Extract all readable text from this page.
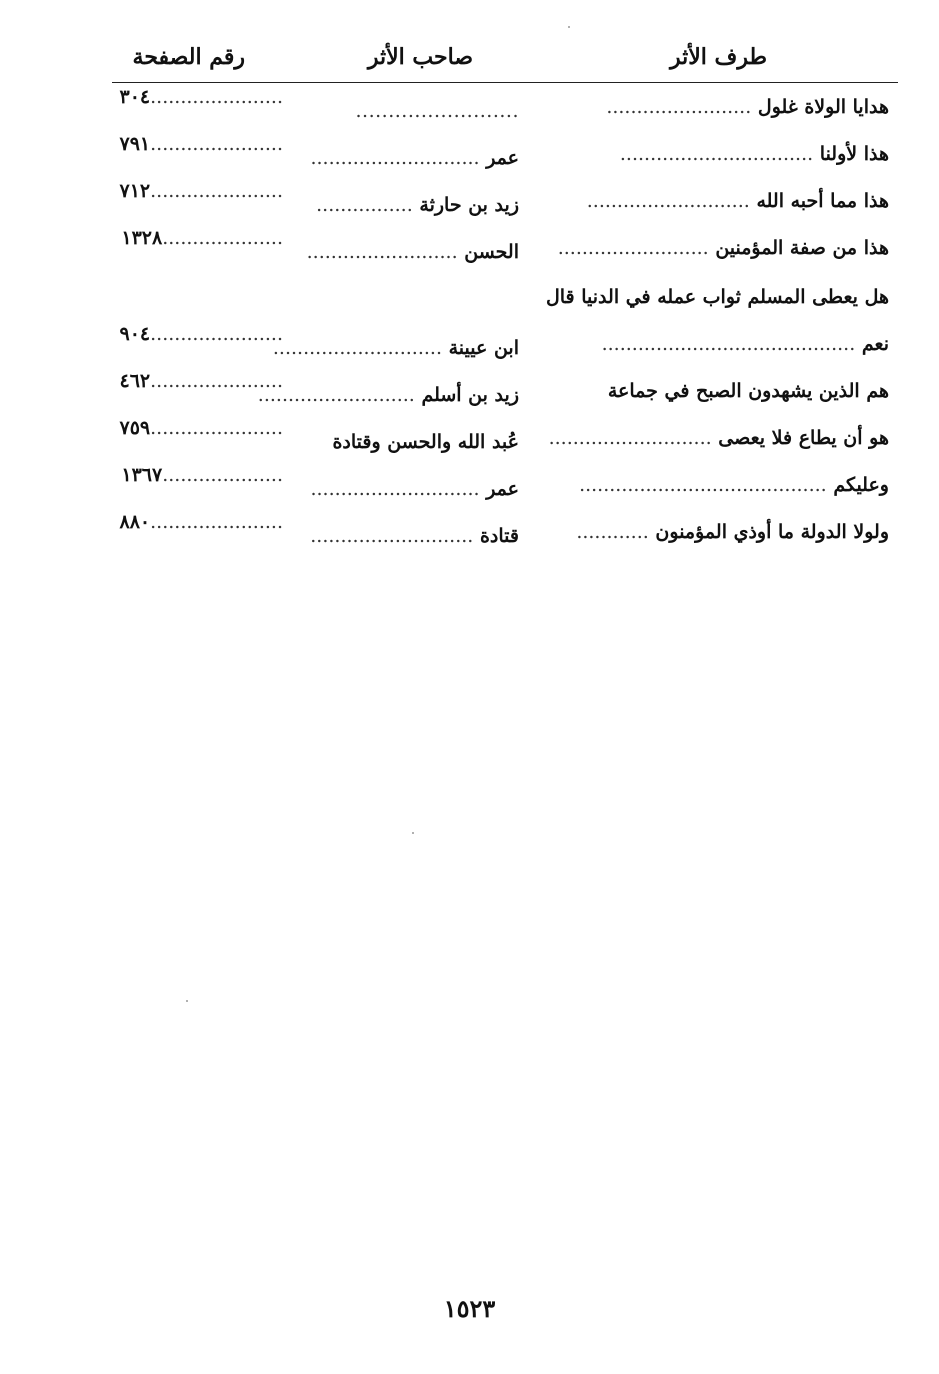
طرف الأثر
صاحب الأثر
رقم الصفحة
هدايا الولاة غلول ........................
.........................
......................٣٠٤
هذا لأولنا ................................
عمر ............................
......................٧٩١
هذا مما أحبه الله ...........................
زيد بن حارثة ................
......................٧١٢
هذا من صفة المؤمنين .........................
الحسن .........................
....................١٣٢٨
هل يعطى المسلم ثواب عمله في الدنيا قال
نعم ..........................................
ابن عيينة ............................
......................٩٠٤
هم الذين يشهدون الصبح في جماعة
زيد بن أسلم ..........................
......................٤٦٢
هو أن يطاع فلا يعصى ...........................
عُبد الله والحسن وقتادة
......................٧٥٩
وعليكم .........................................
عمر ............................
....................١٣٦٧
ولولا الدولة ما أوذي المؤمنون ............
قتادة ...........................
......................٨٨٠
١٥٢٣
